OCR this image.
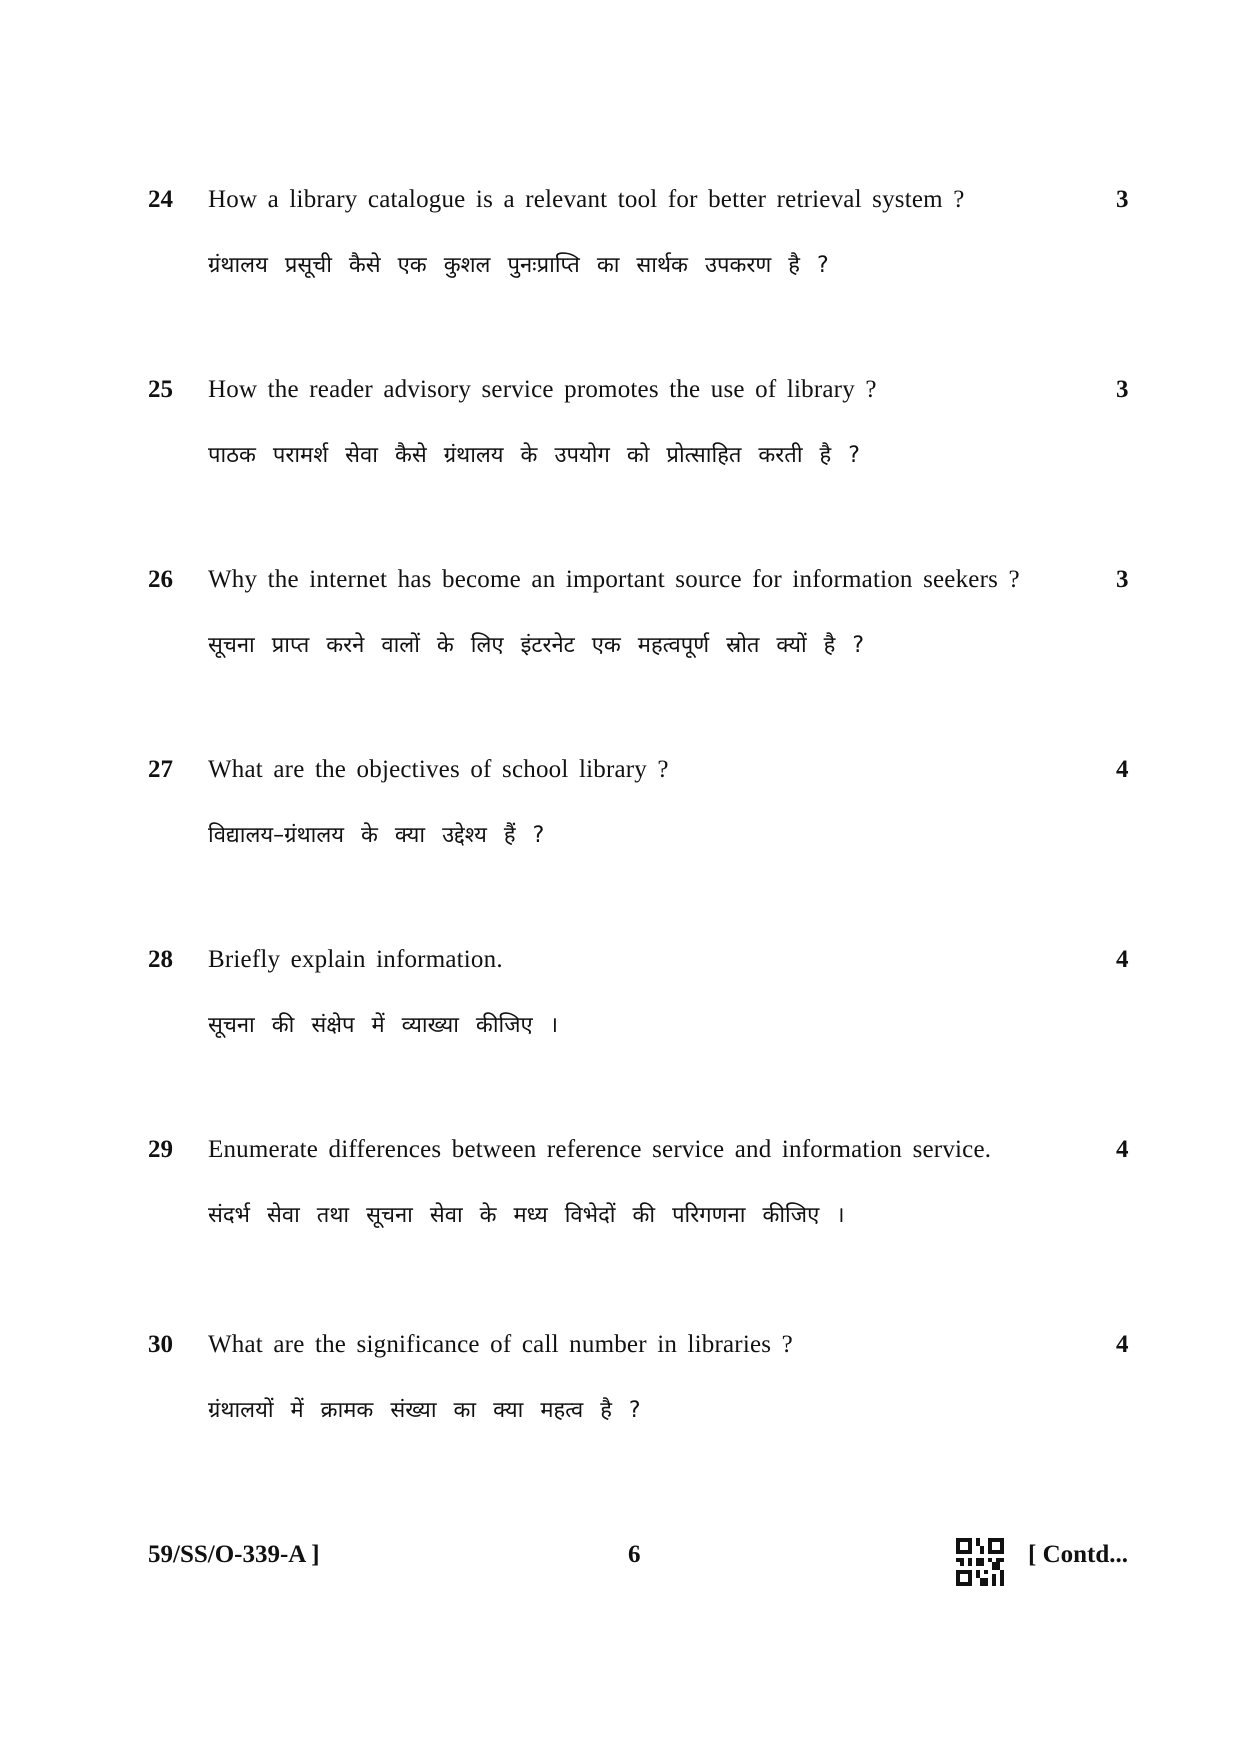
24 How a library catalogue is a relevant tool for better retrieval system ?	3
ग्रंथालय प्रसूची कैसे एक कुशल पुनःप्राप्ति का सार्थक उपकरण है ?
25 How the reader advisory service promotes the use of library ?	3
पाठक परामर्श सेवा कैसे ग्रंथालय के उपयोग को प्रोत्साहित करती है ?
26 Why the internet has become an important source for information seekers ?	3
सूचना प्राप्त करने वालों के लिए इंटरनेट एक महत्वपूर्ण स्रोत क्यों है ?
27 What are the objectives of school library ?	4
विद्यालय–ग्रंथालय के क्या उद्देश्य हैं ?
28 Briefly explain information.	4
सूचना की संक्षेप में व्याख्या कीजिए ।
29 Enumerate differences between reference service and information service.	4
संदर्भ सेवा तथा सूचना सेवा के मध्य विभेदों की परिगणना कीजिए ।
30 What are the significance of call number in libraries ?	4
ग्रंथालयों में क्रामक संख्या का क्या महत्व है ?
59/SS/O-339-A ]	6	[ Contd...
